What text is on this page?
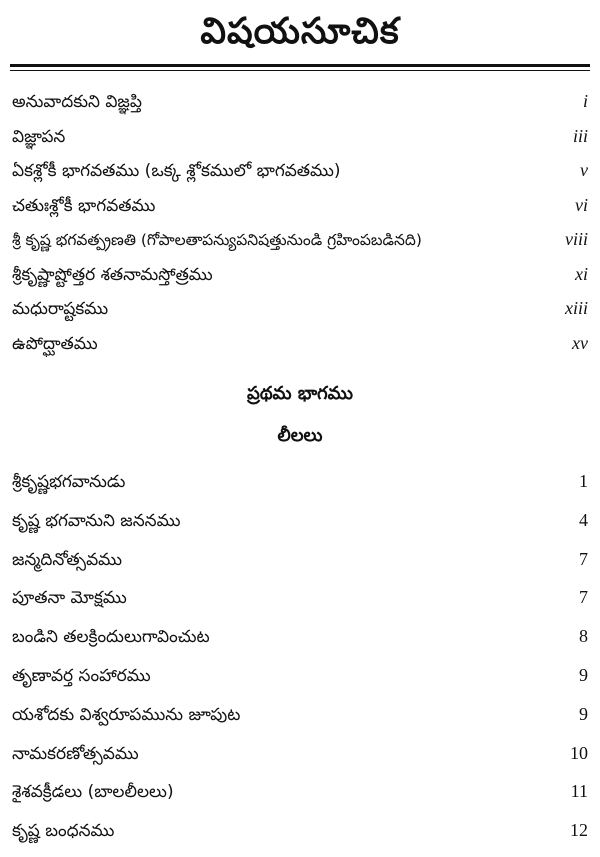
విషయసూచిక
అనువాదకుని విజ్ఞప్తి	i
విజ్ఞాపన	iii
ఏకశ్లోకీ భాగవతము (ఒక్క శ్లోకములో భాగవతము)	v
చతుఃశ్లోకీ భాగవతము	vi
శ్రీ కృష్ణ భగవత్ప్రణతి (గోపాలతాపన్యుపనిషత్తునుండి గ్రహింపబడినది)	viii
శ్రీకృష్ణాష్టోత్తర శతనామస్తోత్రము	xi
మధురాష్టకము	xiii
ఉపోద్ఘాతము	xv
ప్రథమ భాగము
లీలలు
శ్రీకృష్ణభగవానుడు	1
కృష్ణ భగవానుని జననము	4
జన్మదినోత్సవము	7
పూతనా మోక్షము	7
బండిని తలక్రిందులుగావించుట	8
తృణావర్త సంహారము	9
యశోదకు విశ్వరూపమును జూపుట	9
నామకరణోత్సవము	10
శైశవక్రీడలు (బాలలీలలు)	11
కృష్ణ బంధనము	12
